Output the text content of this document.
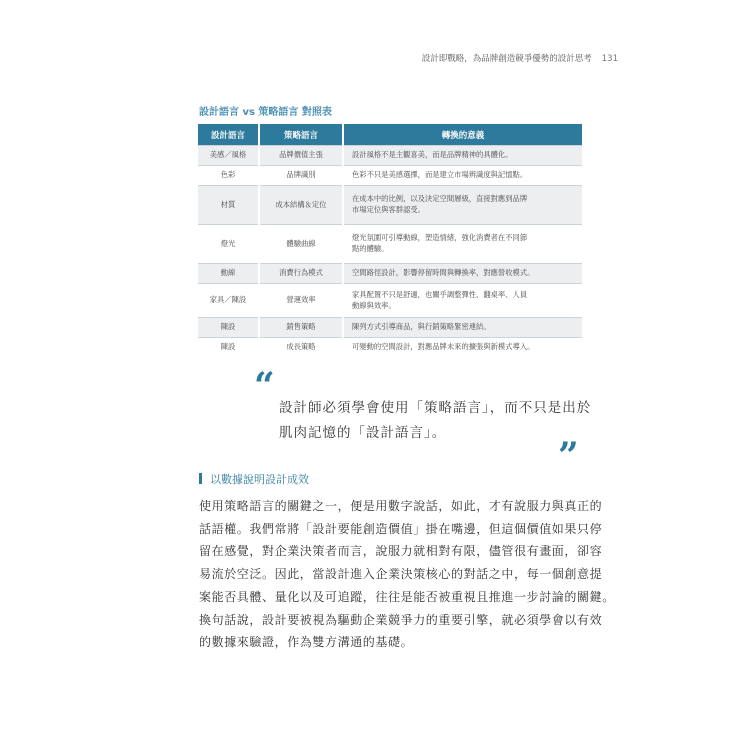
設計即戰略，為品牌創造競爭優勢的設計思考 131
設計語言 vs 策略語言 對照表
設計語言	策略語言	轉換的意義
美感／風格	品牌價值主張	設計風格不是主觀喜美，而是品牌精神的具體化。
色彩	品牌識別	色彩不只是美感選擇，而是建立市場辨識度與記憶點。
材質	成本結構＆定位	在成本中的比例，以及決定空間層級，直接對應到品牌
市場定位與客群認受。
燈光	體驗曲線	燈光氛圍可引導動線，塑造情緒，強化消費者在不同節
點的體驗。
動線	消費行為模式	空間路徑設計，影響停留時間與轉換率，對應營收模式。
家具／陳設	營運效率	家具配置不只是舒適，也關乎調整彈性、翻桌率、人員
動線與效率。
陳設	銷售策略	陳列方式引導商品，與行銷策略緊密連結。
陳設	成長策略	可變動的空間設計，對應品牌未來的擴張與新模式導入。
“
設計師必須學會使用「策略語言」，而不只是出於肌肉記憶的「設計語言」。
”
以數據說明設計成效

使用策略語言的關鍵之一，便是用數字說話，如此，才有說服力與真正的
話語權。我們常將「設計要能創造價值」掛在嘴邊，但這個價值如果只停
留在感覺，對企業決策者而言，說服力就相對有限，儘管很有畫面，卻容
易流於空泛。因此，當設計進入企業決策核心的對話之中，每一個創意提
案能否具體、量化以及可追蹤，往往是能否被重視且推進一步討論的關鍵。
換句話說，設計要被視為驅動企業競爭力的重要引擎，就必須學會以有效
的數據來驗證，作為雙方溝通的基礎。
